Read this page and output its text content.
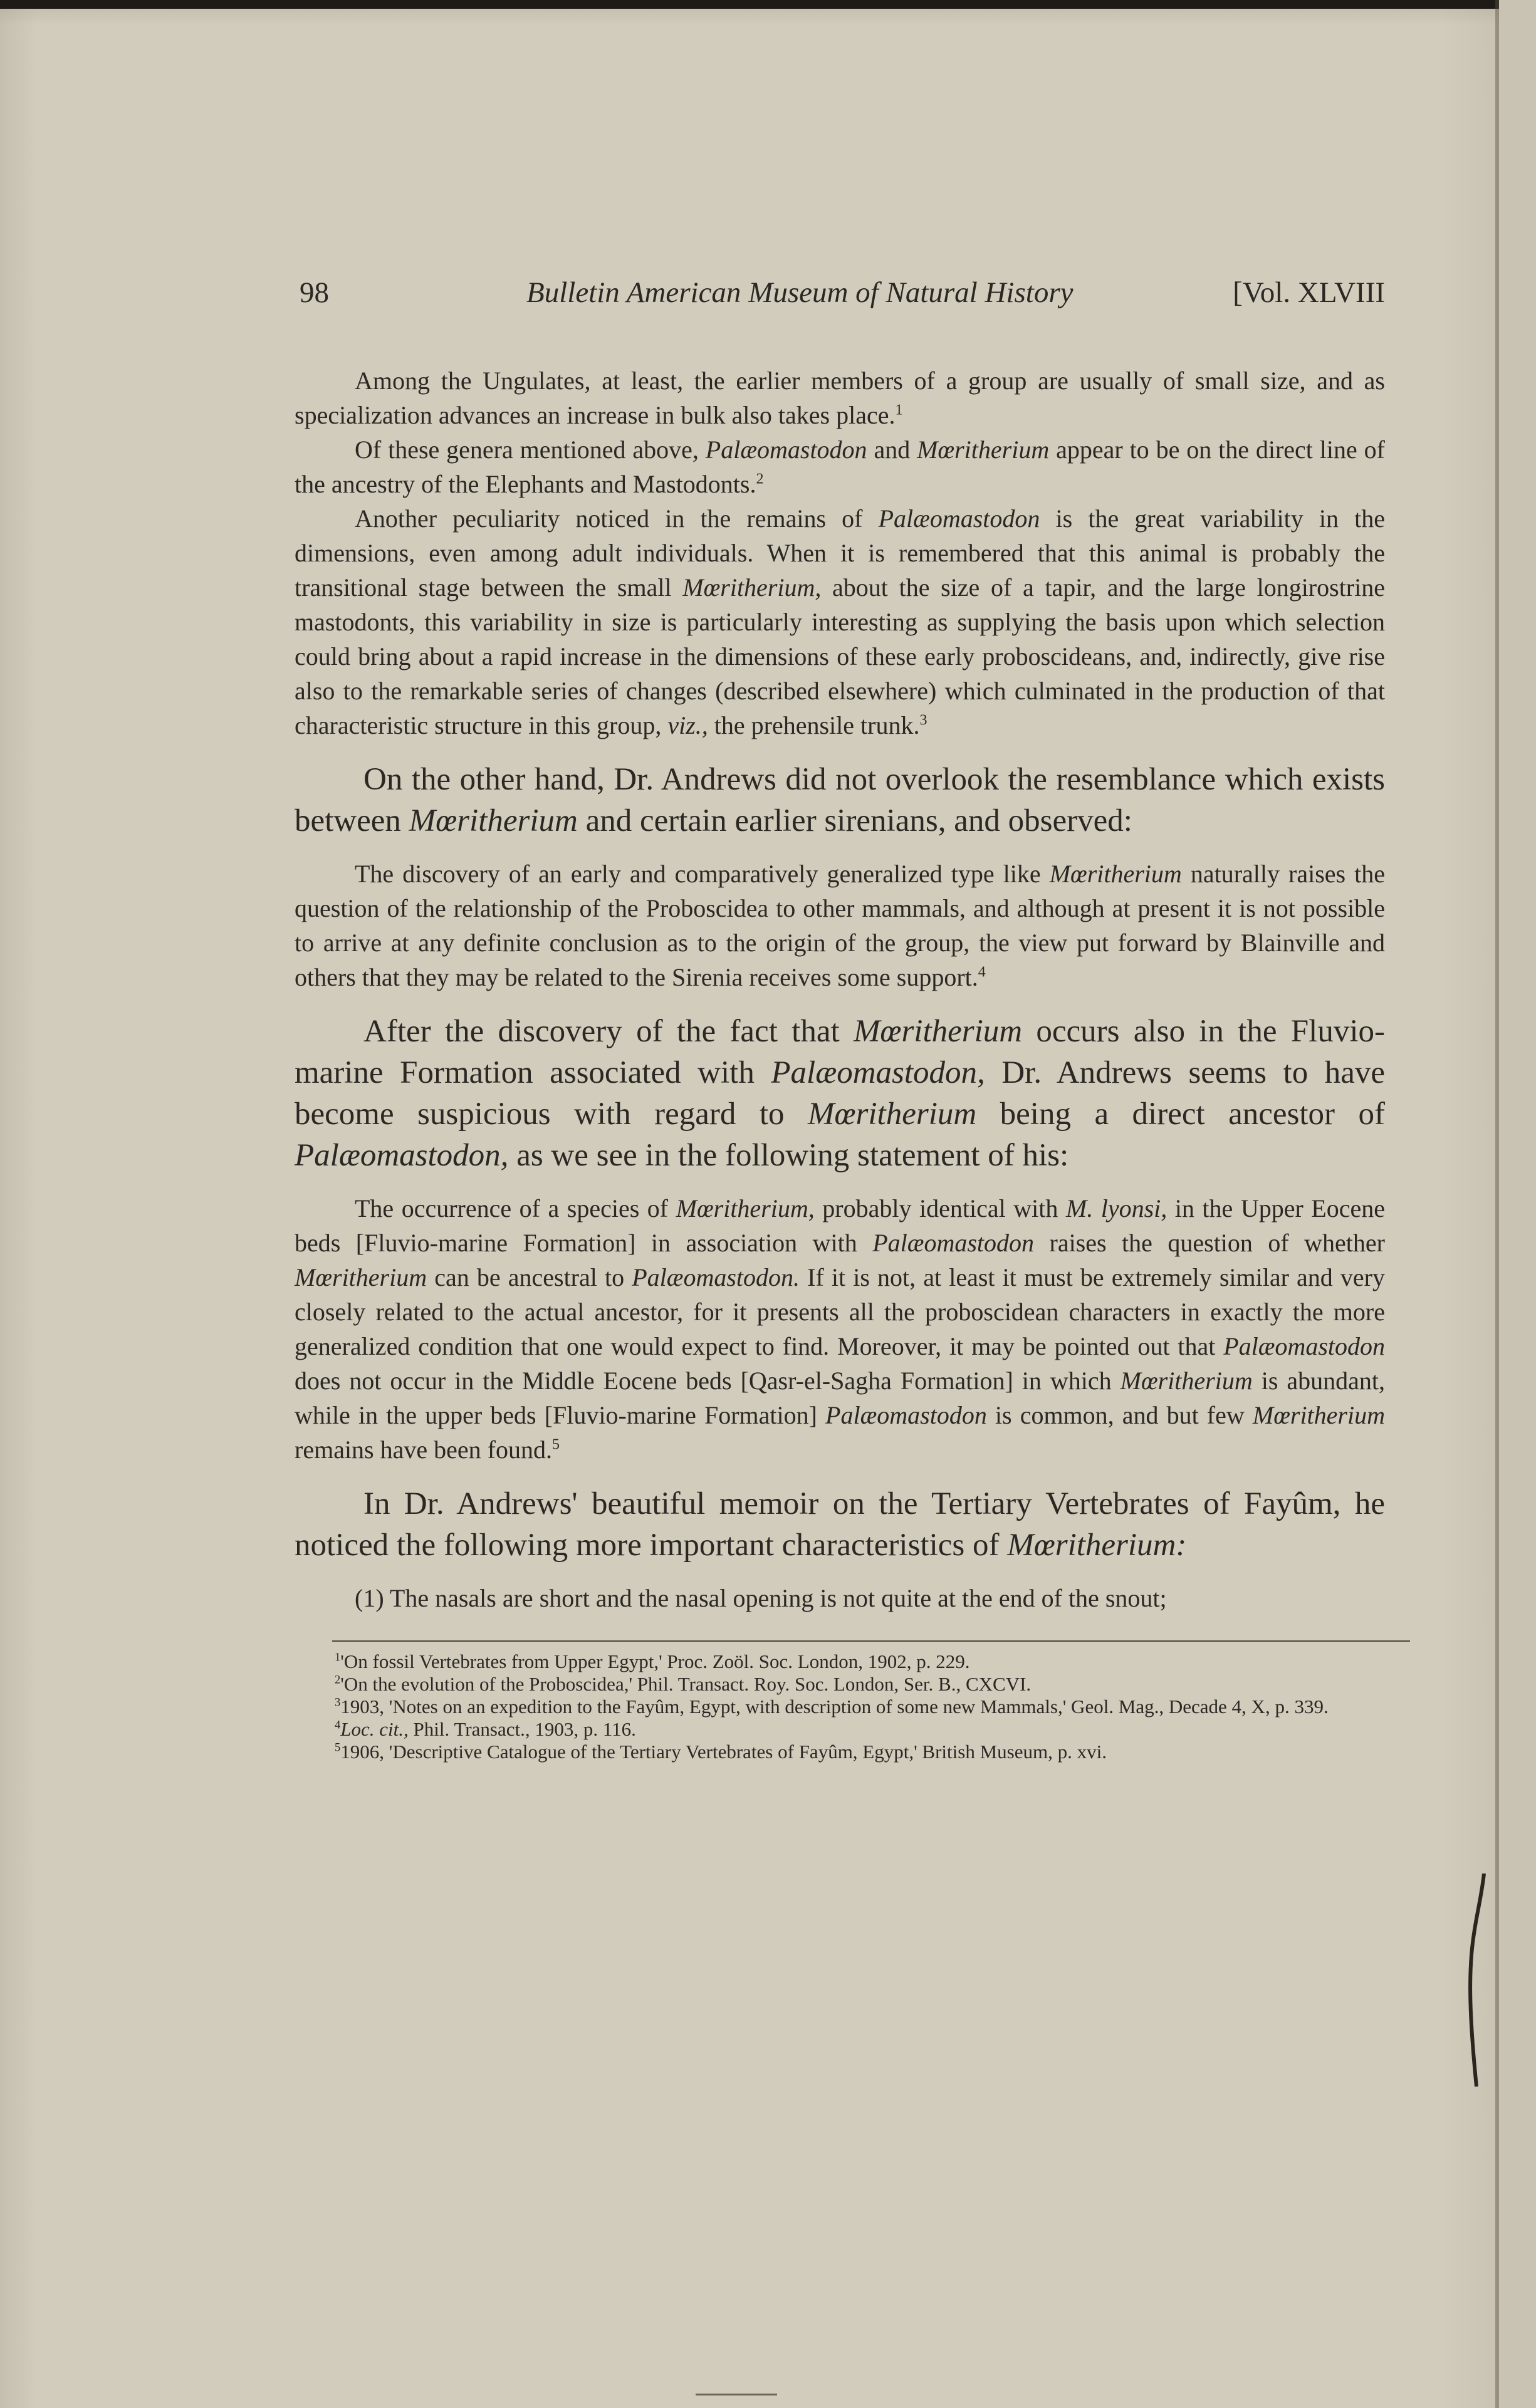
98	Bulletin American Museum of Natural History	[Vol. XLVIII

Among the Ungulates, at least, the earlier members of a group are usually of small size, and as specialization advances an increase in bulk also takes place.$^1$

Of these genera mentioned above, Palæomastodon and Mœritherium appear to be on the direct line of the ancestry of the Elephants and Mastodonts.$^2$

Another peculiarity noticed in the remains of Palæomastodon is the great variability in the dimensions, even among adult individuals. When it is remembered that this animal is probably the transitional stage between the small Mœritherium, about the size of a tapir, and the large longirostrine mastodonts, this variability in size is particularly interesting as supplying the basis upon which selection could bring about a rapid increase in the dimensions of these early proboscideans, and, indirectly, give rise also to the remarkable series of changes (described elsewhere) which culminated in the production of that characteristic structure in this group, viz., the prehensile trunk.$^3$

On the other hand, Dr. Andrews did not overlook the resemblance which exists between Mœritherium and certain earlier sirenians, and observed:

The discovery of an early and comparatively generalized type like Mœritherium naturally raises the question of the relationship of the Proboscidea to other mammals, and although at present it is not possible to arrive at any definite conclusion as to the origin of the group, the view put forward by Blainville and others that they may be related to the Sirenia receives some support.$^4$

After the discovery of the fact that Mœritherium occurs also in the Fluvio-marine Formation associated with Palæomastodon, Dr. Andrews seems to have become suspicious with regard to Mœritherium being a direct ancestor of Palæomastodon, as we see in the following statement of his:

The occurrence of a species of Mœritherium, probably identical with M. lyonsi, in the Upper Eocene beds [Fluvio-marine Formation] in association with Palæomastodon raises the question of whether Mœritherium can be ancestral to Palæomastodon. If it is not, at least it must be extremely similar and very closely related to the actual ancestor, for it presents all the proboscidean characters in exactly the more generalized condition that one would expect to find. Moreover, it may be pointed out that Palæomastodon does not occur in the Middle Eocene beds [Qasr-el-Sagha Formation] in which Mœritherium is abundant, while in the upper beds [Fluvio-marine Formation] Palæomastodon is common, and but few Mœritherium remains have been found.$^5$

In Dr. Andrews' beautiful memoir on the Tertiary Vertebrates of Fayûm, he noticed the following more important characteristics of Mœritherium:

(1) The nasals are short and the nasal opening is not quite at the end of the snout;

$^1$'On fossil Vertebrates from Upper Egypt,' Proc. Zoöl. Soc. London, 1902, p. 229.

$^2$'On the evolution of the Proboscidea,' Phil. Transact. Roy. Soc. London, Ser. B., CXCVI.

$^3$1903, 'Notes on an expedition to the Fayûm, Egypt, with description of some new Mammals,' Geol. Mag., Decade 4, X, p. 339.

$^4$Loc. cit., Phil. Transact., 1903, p. 116.

$^5$1906, 'Descriptive Catalogue of the Tertiary Vertebrates of Fayûm, Egypt,' British Museum, p. xvi.
